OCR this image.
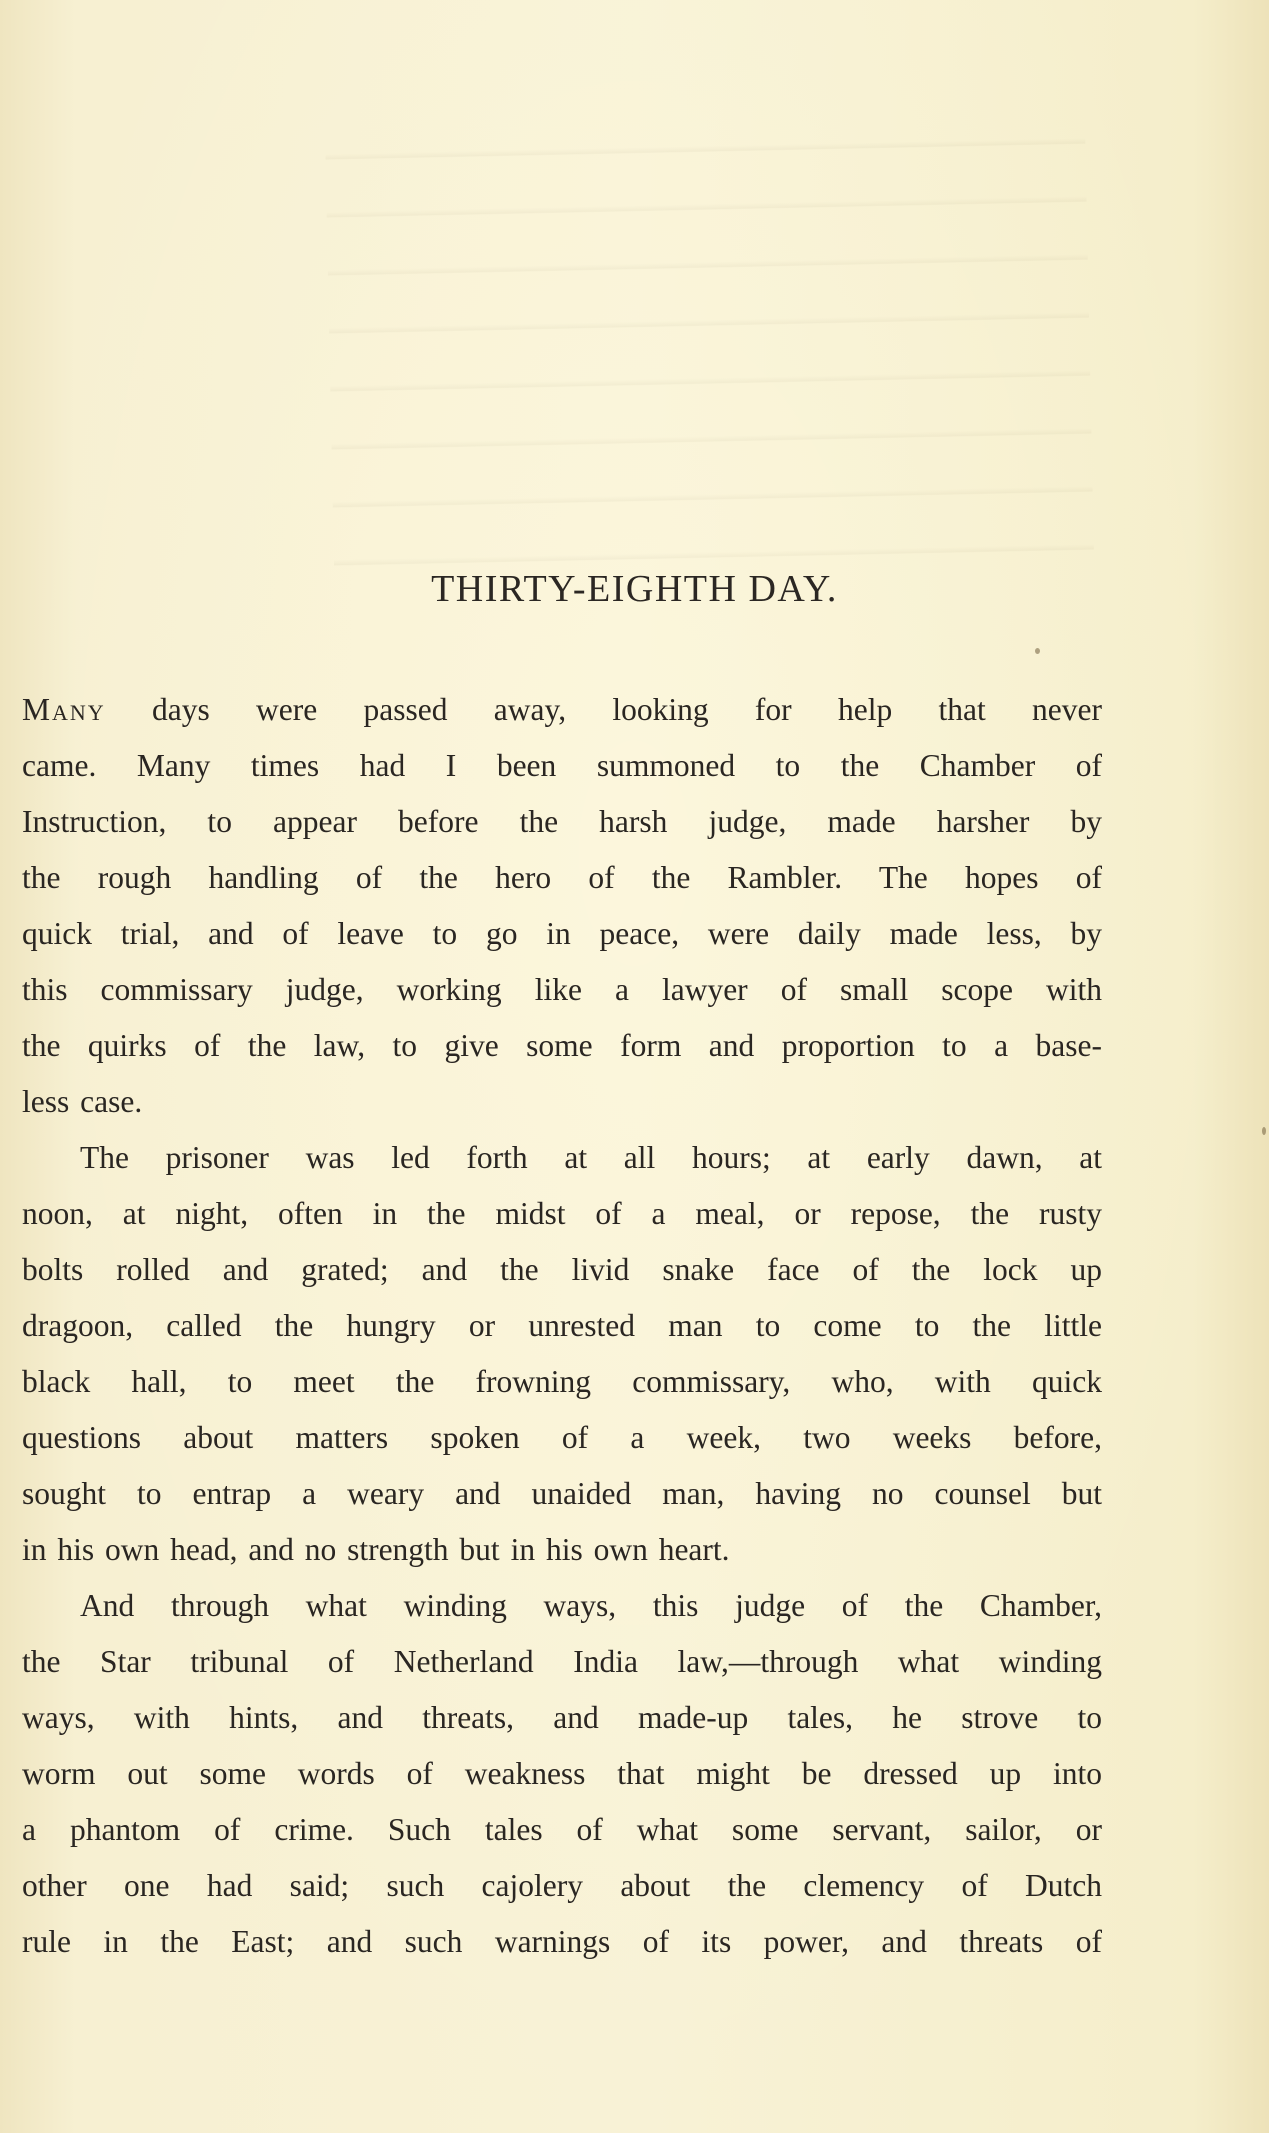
THIRTY-EIGHTH DAY.
Many days were passed away, looking for help that never
came. Many times had I been summoned to the Chamber of
Instruction, to appear before the harsh judge, made harsher by
the rough handling of the hero of the Rambler. The hopes of
quick trial, and of leave to go in peace, were daily made less, by
this commissary judge, working like a lawyer of small scope with
the quirks of the law, to give some form and proportion to a base-
less case.
The prisoner was led forth at all hours; at early dawn, at
noon, at night, often in the midst of a meal, or repose, the rusty
bolts rolled and grated; and the livid snake face of the lock up
dragoon, called the hungry or unrested man to come to the little
black hall, to meet the frowning commissary, who, with quick
questions about matters spoken of a week, two weeks before,
sought to entrap a weary and unaided man, having no counsel but
in his own head, and no strength but in his own heart.
And through what winding ways, this judge of the Chamber,
the Star tribunal of Netherland India law,—through what winding
ways, with hints, and threats, and made-up tales, he strove to
worm out some words of weakness that might be dressed up into
a phantom of crime. Such tales of what some servant, sailor, or
other one had said; such cajolery about the clemency of Dutch
rule in the East; and such warnings of its power, and threats of
